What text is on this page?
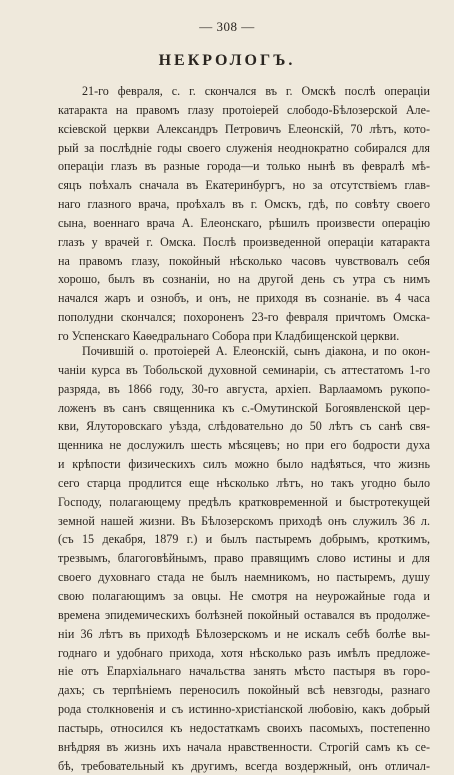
— 308 —
НЕКРОЛОГЪ.
21-го февраля, с. г. скончался въ г. Омскѣ послѣ операціи
катаракта на правомъ глазу протоіерей слободо-Бѣлозерской Але-
ксіевской церкви Александръ Петровичъ Елеонскій, 70 лѣтъ, кото-
рый за послѣдніе годы своего служенія неоднократно собирался для
операціи глазъ въ разные города—и только нынѣ въ февралѣ мѣ-
сяцъ поѣхалъ сначала въ Екатеринбургъ, но за отсутствіемъ глав-
наго глазного врача, проѣхалъ въ г. Омскъ, гдѣ, по совѣту своего
сына, военнаго врача А. Елеонскаго, рѣшилъ произвести операцію
глазъ у врачей г. Омска. Послѣ произведенной операціи катаракта
на правомъ глазу, покойный нѣсколько часовъ чувствовалъ себя
хорошо, былъ въ сознаніи, но на другой день съ утра съ нимъ
начался жаръ и ознобъ, и онъ, не приходя въ сознаніе. въ 4 часа
пополудни скончался; похороненъ 23-го февраля причтомъ Омска-
го Успенскаго Каѳедральнаго Собора при Кладбищенской церкви.
Почившій о. протоіерей А. Елеонскій, сынъ діакона, и по окон-
чаніи курса въ Тобольской духовной семинаріи, съ аттестатомъ 1-го
разряда, въ 1866 году, 30-го августа, архіеп. Варлаамомъ рукопо-
ложенъ въ санъ священника къ с.-Омутинской Богоявленской цер-
кви, Ялуторовскаго уѣзда, слѣдовательно до 50 лѣтъ съ санѣ свя-
щенника не дослужилъ шесть мѣсяцевъ; но при его бодрости духа
и крѣпости физическихъ силъ можно было надѣяться, что жизнь
сего старца продлится еще нѣсколько лѣтъ, но такъ угодно было
Господу, полагающему предѣлъ кратковременной и быстротекущей
земной нашей жизни. Въ Бѣлозерскомъ приходѣ онъ служилъ 36 л.
(съ 15 декабря, 1879 г.) и былъ пастыремъ добрымъ, кроткимъ,
трезвымъ, благоговѣйнымъ, право правящимъ слово истины и для
своего духовнаго стада не былъ наемникомъ, но пастыремъ, душу
свою полагающимъ за овцы. Не смотря на неурожайные года и
времена эпидемическихъ болѣзней покойный оставался въ продолже-
ніи 36 лѣтъ въ приходѣ Бѣлозерскомъ и не искалъ себѣ болѣе вы-
годнаго и удобнаго прихода, хотя нѣсколько разъ имѣлъ предложе-
ніе отъ Епархіальнаго начальства занять мѣсто пастыря въ горо-
дахъ; съ терпѣніемъ переносилъ покойный всѣ невзгоды, разнаго
рода столкновенія и съ истинно-христіанской любовію, какъ добрый
пастырь, относился къ недостаткамъ своихъ пасомыхъ, постепенно
внѣдряя въ жизнь ихъ начала нравственности. Строгій самъ къ се-
бѣ, требовательный къ другимъ, всегда воздержный, онъ отличал-
